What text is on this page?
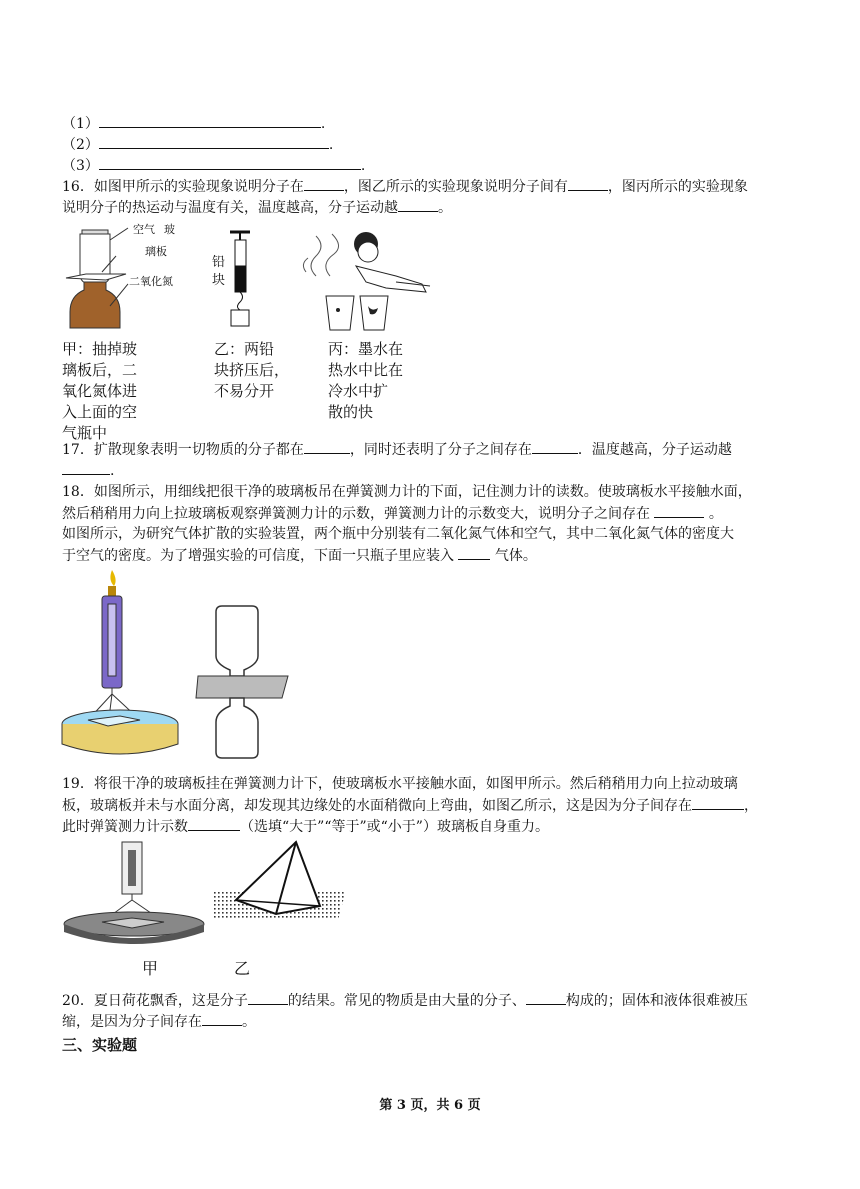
（1）	.
（2）	.
（3）	.
16．如图甲所示的实验现象说明分子在	，图乙所示的实验现象说明分子间有	，图丙所示的实验现象
说明分子的热运动与温度有关，温度越高，分子运动越	。
空气 玻
璃板
二氧化氮
甲：抽掉玻
璃板后，二
氧化氮体进
入上面的空
气瓶中
铅
块
乙：两铅
块挤压后，
不易分开
丙：墨水在
热水中比在
冷水中扩
散的快
17．扩散现象表明一切物质的分子都在	，同时还表明了分子之间存在	．温度越高，分子运动越
.
18．如图所示，用细线把很干净的玻璃板吊在弹簧测力计的下面，记住测力计的读数。使玻璃板水平接触水面，
然后稍稍用力向上拉玻璃板观察弹簧测力计的示数，弹簧测力计的示数变大，说明分子之间存在	。
如图所示，为研究气体扩散的实验装置，两个瓶中分别装有二氧化氮气体和空气，其中二氧化氮气体的密度大
于空气的密度。为了增强实验的可信度，下面一只瓶子里应装入	气体。
19．将很干净的玻璃板挂在弹簧测力计下，使玻璃板水平接触水面，如图甲所示。然后稍稍用力向上拉动玻璃
板，玻璃板并未与水面分离，却发现其边缘处的水面稍微向上弯曲，如图乙所示，这是因为分子间存在	，
此时弹簧测力计示数	（选填“大于”“等于”或“小于”）玻璃板自身重力。
甲	乙
20．夏日荷花飘香，这是分子	的结果。常见的物质是由大量的分子、	构成的；固体和液体很难被压
缩，是因为分子间存在	。
三、实验题
第 3 页，共 6 页
